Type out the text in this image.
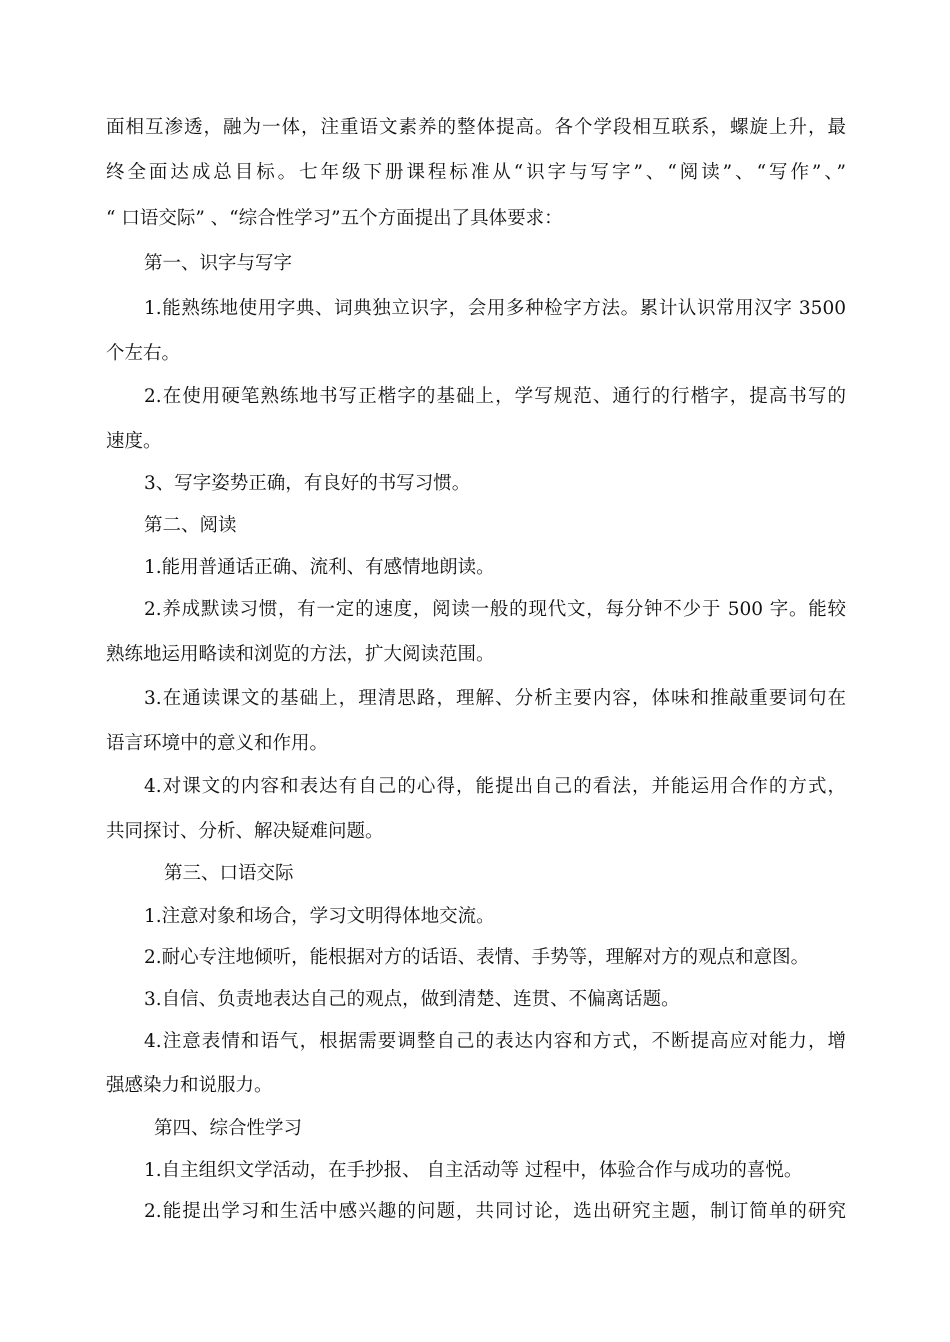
面相互渗透，融为一体，注重语文素养的整体提高。各个学段相互联系，螺旋上升，最
终全面达成总目标。七年级下册课程标准从“识字与写字”、“阅读”、“写作”、”
“ 口语交际” 、“综合性学习”五个方面提出了具体要求：
第一、识字与写字
1.能熟练地使用字典、词典独立识字，会用多种检字方法。累计认识常用汉字 3500
个左右。
2.在使用硬笔熟练地书写正楷字的基础上，学写规范、通行的行楷字，提高书写的
速度。
3、写字姿势正确，有良好的书写习惯。
第二、阅读
1.能用普通话正确、流利、有感情地朗读。
2.养成默读习惯，有一定的速度，阅读一般的现代文，每分钟不少于 500 字。能较
熟练地运用略读和浏览的方法，扩大阅读范围。
3.在通读课文的基础上，理清思路，理解、分析主要内容，体味和推敲重要词句在
语言环境中的意义和作用。
4.对课文的内容和表达有自己的心得，能提出自己的看法，并能运用合作的方式，
共同探讨、分析、解决疑难问题。
第三、口语交际
1.注意对象和场合，学习文明得体地交流。
2.耐心专注地倾听，能根据对方的话语、表情、手势等，理解对方的观点和意图。
3.自信、负责地表达自己的观点，做到清楚、连贯、不偏离话题。
4.注意表情和语气，根据需要调整自己的表达内容和方式，不断提高应对能力，增
强感染力和说服力。
第四、综合性学习
1.自主组织文学活动，在手抄报、 自主活动等 过程中，体验合作与成功的喜悦。
2.能提出学习和生活中感兴趣的问题，共同讨论，选出研究主题，制订简单的研究
